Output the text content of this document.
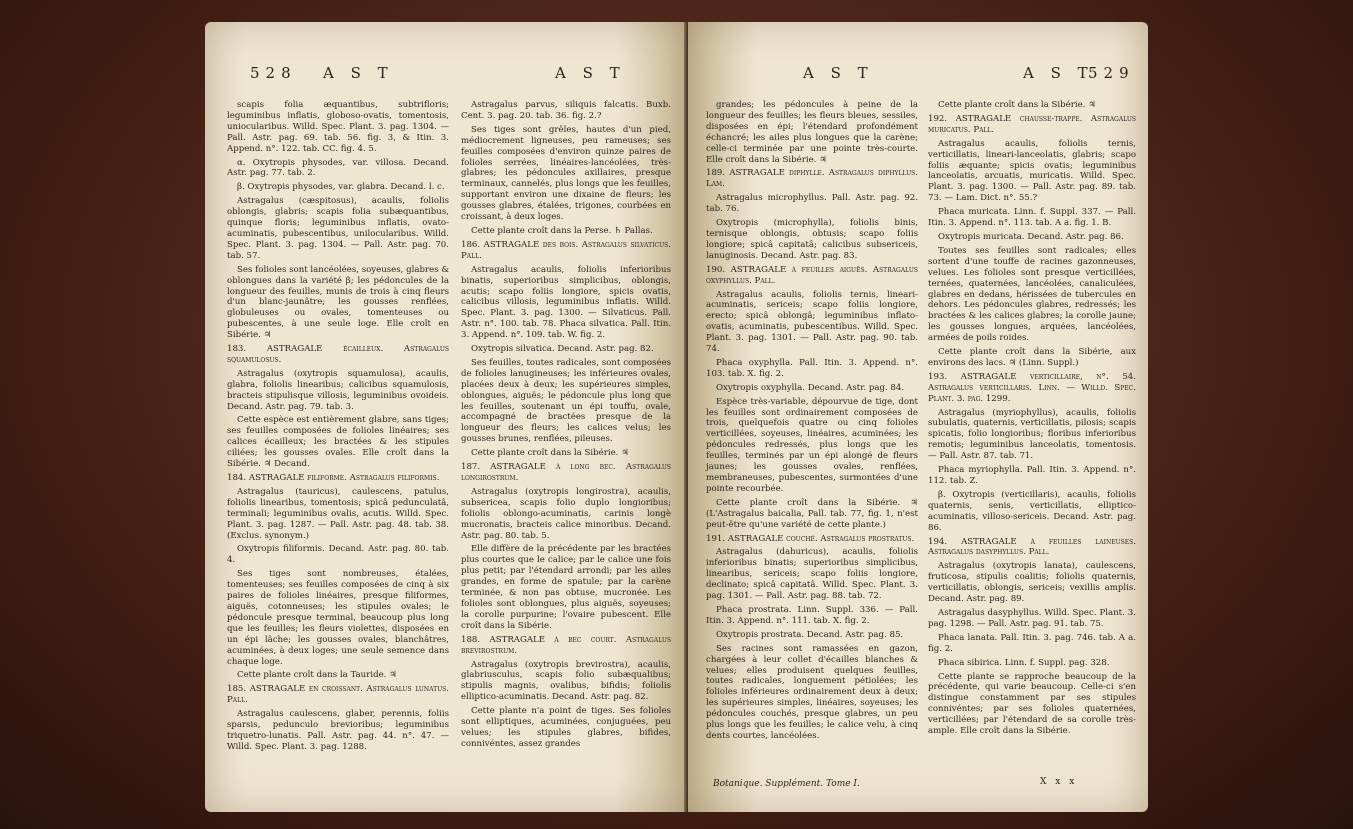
528 A S T	A S T

scapis folia æquantibus, subtrifloris; leguminibus inflatis, globoso-ovatis, tomentosis, uniocularibus. Willd. Spec. Plant. 3. pag. 1304. — Pall. Astr. pag. 69. tab. 56. fig. 3, & Itin. 3. Append. n°. 122. tab. CC. fig. 4. 5.

α. Oxytropis physodes, var. villosa. Decand. Astr. pag. 77. tab. 2.

β. Oxytropis physodes, var. glabra. Decand. l. c.

Astragalus (cæspitosus), acaulis, foliolis oblongis, glabris; scapis folia subæquantibus, quinque floris; leguminibus inflatis, ovato-acuminatis, pubescentibus, unilocularibus. Willd. Spec. Plant. 3. pag. 1304. — Pall. Astr. pag. 70. tab. 57.

Ses folioles sont lancéolées, soyeuses, glabres & oblongues dans la variété β; les pédoncules de la longueur des feuilles, munis de trois à cinq fleurs d'un blanc-jaunâtre; les gousses renflées, globuleuses ou ovales, tomenteuses ou pubescentes, à une seule loge. Elle croît en Sibérie. ♃

183. ASTRAGALE écailleux. Astragalus squamulosus.

Astragalus (oxytropis squamulosa), acaulis, glabra, foliolis linearibus; calicibus squamulosis, bracteis stipulisque villosis, leguminibus ovoideis. Decand. Astr. pag. 79. tab. 3.

Cette espèce est entièrement glabre, sans tiges; ses feuilles composées de folioles linéaires; ses calices écailleux; les bractées & les stipules ciliées; les gousses ovales. Elle croît dans la Sibérie. ♃ Decand.

184. ASTRAGALE filiforme. Astragalus filiformis.

Astragalus (tauricus), caulescens, patulus, foliolis linearibus, tomentosis; spicâ pedunculatâ, terminali; leguminibus ovalis, acutis. Willd. Spec. Plant. 3. pag. 1287. — Pall. Astr. pag. 48. tab. 38. (Exclus. synonym.)

Oxytropis filiformis. Decand. Astr. pag. 80. tab. 4.

Ses tiges sont nombreuses, étalées, tomenteuses; ses feuilles composées de cinq à six paires de folioles linéaires, presque filiformes, aiguës, cotonneuses; les stipules ovales; le pédoncule presque terminal, beaucoup plus long que les feuilles; les fleurs violettes, disposées en un épi lâche; les gousses ovales, blanchâtres, acuminées, à deux loges; une seule semence dans chaque loge.

Cette plante croît dans la Tauride. ♃

185. ASTRAGALE en croissant. Astragalus lunatus. Pall.

Astragalus caulescens, glaber, perennis, foliis sparsis, pedunculo brevioribus; leguminibus triquetro-lunatis. Pall. Astr. pag. 44. n°. 47. — Willd. Spec. Plant. 3. pag. 1288.

Astragalus parvus, siliquis falcatis. Buxb. Cent. 3. pag. 20. tab. 36. fig. 2.?

Ses tiges sont grêles, hautes d'un pied, médiocrement ligneuses, peu rameuses; ses feuilles composées d'environ quinze paires de folioles serrées, linéaires-lancéolées, très-glabres; les pédoncules axillaires, presque terminaux, cannelés, plus longs que les feuilles, supportant environ une dixaine de fleurs; les gousses glabres, étalées, trigones, courbées en croissant, à deux loges.

Cette plante croît dans la Perse. ♄ Pallas.

186. ASTRAGALE des bois. Astragalus silvaticus. Pall.

Astragalus acaulis, foliolis inferioribus binatis, superioribus simplicibus, oblongis, acutis; scapo foliis longiore, spicis ovatis, calicibus villosis, leguminibus inflatis. Willd. Spec. Plant. 3. pag. 1300. — Silvaticus. Pall. Astr. n°. 100. tab. 78. Phaca silvatica. Pall. Itin. 3. Append. n°. 109. tab. W. fig. 2.

Oxytropis silvatica. Decand. Astr. pag. 82.

Ses feuilles, toutes radicales, sont composées de folioles lanugineuses; les inférieures ovales, placées deux à deux; les supérieures simples, oblongues, aiguës; le pédoncule plus long que les feuilles, soutenant un épi touffu, ovale, accompagné de bractées presque de la longueur des fleurs; les calices velus; les gousses brunes, renflées, pileuses.

Cette plante croît dans la Sibérie. ♃

187. ASTRAGALE à long bec. Astragalus longirostrum.

Astragalus (oxytropis longirostra), acaulis, subsericea, scapis folio duplo longioribus; foliolis oblongo-acuminatis, carinis longè mucronatis, bracteis calice minoribus. Decand. Astr. pag. 80. tab. 5.

Elle diffère de la précédente par les bractées plus courtes que le calice; par le calice une fois plus petit; par l'étendard arrondi; par les ailes grandes, en forme de spatule; par la carène terminée, & non pas obtuse, mucronée. Les folioles sont oblongues, plus aiguës, soyeuses; la corolle purpurine; l'ovaire pubescent. Elle croît dans la Sibérie.

188. ASTRAGALE à bec court. Astragalus brevirostrum.

Astragalus (oxytropis brevirostra), acaulis, glabriusculus, scapis folio subæqualibus; stipulis magnis, ovalibus, bifidis; foliolis elliptico-acuminatis. Decand. Astr. pag. 82.

Cette plante n'a point de tiges. Ses folioles sont elliptiques, acuminées, conjuguées, peu velues; les stipules glabres, bifides, connivéntes, assez grandes

A S T	A S T
529

grandes; les pédoncules à peine de la longueur des feuilles; les fleurs bleues, sessiles, disposées en épi; l'étendard profondément échancré; les ailes plus longues que la carène; celle-ci terminée par une pointe très-courte. Elle croît dans la Sibérie. ♃

189. ASTRAGALE diphylle. Astragalus diphyllus. Lam.

Astragalus microphyllus. Pall. Astr. pag. 92. tab. 76.

Oxytropis (microphylla), foliolis binis, ternisque oblongis, obtusis; scapo foliis longiore; spicâ capitatâ; calicibus subsericeis, lanuginosis. Decand. Astr. pag. 83.

190. ASTRAGALE à feuilles aiguës. Astragalus oxyphyllus. Pall.

Astragalus acaulis, foliolis ternis, lineari-acuminatis, sericeis; scapo foliis longiore, erecto; spicâ oblongâ; leguminibus inflato-ovatis, acuminatis, pubescentibus. Willd. Spec. Plant. 3. pag. 1301. — Pall. Astr. pag. 90. tab. 74.

Phaca oxyphylla. Pall. Itin. 3. Append. n°. 103. tab. X. fig. 2.

Oxytropis oxyphylla. Decand. Astr. pag. 84.

Espèce très-variable, dépourvue de tige, dont les feuilles sont ordinairement composées de trois, quelquefois quatre ou cinq folioles verticillées, soyeuses, linéaires, acuminées; les pédoncules redressés, plus longs que les feuilles, terminés par un épi alongé de fleurs jaunes; les gousses ovales, renflées, membraneuses, pubescentes, surmontées d'une pointe recourbée.

Cette plante croît dans la Sibérie. ♃ (L'Astragalus baicalia, Pall. tab. 77, fig. 1, n'est peut-être qu'une variété de cette plante.)

191. ASTRAGALE couché. Astragalus prostratus.

Astragalus (dahuricus), acaulis, foliolis inferioribus binatis; superioribus simplicibus, linearibus, sericeis; scapo foliis longiore, declinato; spicâ capitatâ. Willd. Spec. Plant. 3. pag. 1301. — Pall. Astr. pag. 88. tab. 72.

Phaca prostrata. Linn. Suppl. 336. — Pall. Itin. 3. Append. n°. 111. tab. X. fig. 2.

Oxytropis prostrata. Decand. Astr. pag. 85.

Ses racines sont ramassées en gazon, chargées à leur collet d'écailles blanches & velues; elles produisent quelques feuilles, toutes radicales, longuement pétiolées; les folioles inférieures ordinairement deux à deux; les supérieures simples, linéaires, soyeuses; les pédoncules couchés, presque glabres, un peu plus longs que les feuilles; le calice velu, à cinq dents courtes, lancéolées.

Cette plante croît dans la Sibérie. ♃

192. ASTRAGALE chausse-trappe. Astragalus muricatus. Pall.

Astragalus acaulis, foliolis ternis, verticillatis, lineari-lanceolatis, glabris; scapo foliis æquante; spicis ovatis; leguminibus lanceolatis, arcuatis, muricatis. Willd. Spec. Plant. 3. pag. 1300. — Pall. Astr. pag. 89. tab. 73. — Lam. Dict. n°. 55.?

Phaca muricata. Linn. f. Suppl. 337. — Pall. Itin. 3. Append. n°. 113. tab. A a. fig. 1. B.

Oxytropis muricata. Decand. Astr. pag. 86.

Toutes ses feuilles sont radicales; elles sortent d'une touffe de racines gazonneuses, velues. Les folioles sont presque verticillées, ternées, quaternées, lancéolées, canaliculées, glabres en dedans, hérissées de tubercules en dehors. Les pédoncules glabres, redressés; les bractées & les calices glabres; la corolle jaune; les gousses longues, arquées, lancéolées, armées de poils roides.

Cette plante croît dans la Sibérie, aux environs des lacs. ♃ (Linn. Suppl.)

193. ASTRAGALE verticillaire, n°. 54. Astragalus verticillaris. Linn. — Willd. Spec. Plant. 3. pag. 1299.

Astragalus (myriophyllus), acaulis, foliolis subulatis, quaternis, verticillatis, pilosis; scapis spicatis, folio longioribus; floribus inferioribus remotis; leguminibus lanceolatis, tomentosis. — Pall. Astr. 87. tab. 71.

Phaca myriophylla. Pall. Itin. 3. Append. n°. 112. tab. Z.

β. Oxytropis (verticillaris), acaulis, foliolis quaternis, senis, verticillatis, elliptico-acuminatis, villoso-sericeis. Decand. Astr. pag. 86.

194. ASTRAGALE à feuilles laineuses. Astragalus dasyphyllus. Pall.

Astragalus (oxytropis lanata), caulescens, fruticosa, stipulis coalitis; foliolis quaternis, verticillatis, oblongis, sericeis; vexillis amplis. Decand. Astr. pag. 89.

Astragalus dasyphyllus. Willd. Spec. Plant. 3. pag. 1298. — Pall. Astr. pag. 91. tab. 75.

Phaca lanata. Pall. Itin. 3. pag. 746. tab. A a. fig. 2.

Phaca sibirica. Linn. f. Suppl. pag. 328.

Cette plante se rapproche beaucoup de la précédente, qui varie beaucoup. Celle-ci s'en distingue constamment par ses stipules connivéntes; par ses folioles quaternées, verticillées; par l'étendard de sa corolle très-ample. Elle croît dans la Sibérie.

Botanique. Supplément. Tome I.	X x x
